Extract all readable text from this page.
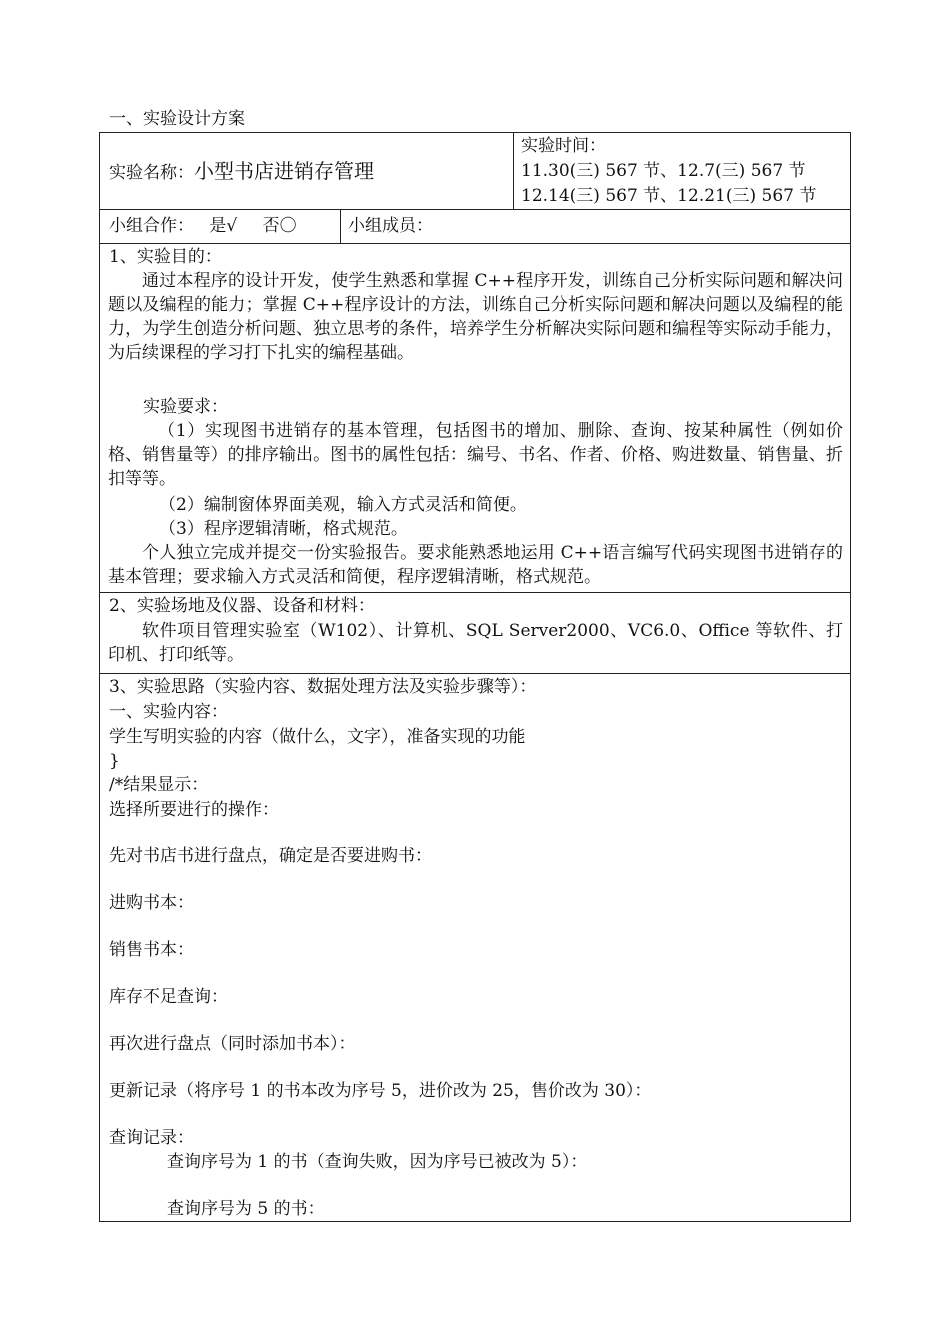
一、实验设计方案
实验名称：小型书店进销存管理
实验时间：
11.30(三) 567 节、12.7(三) 567 节
12.14(三) 567 节、12.21(三) 567 节
小组合作： 是√ 否〇	小组成员：
1、实验目的：
通过本程序的设计开发，使学生熟悉和掌握 C++程序开发，训练自己分析实际问题和解决问题以及编程的能力；掌握 C++程序设计的方法，训练自己分析实际问题和解决问题以及编程的能力，为学生创造分析问题、独立思考的条件，培养学生分析解决实际问题和编程等实际动手能力，为后续课程的学习打下扎实的编程基础。
实验要求：
（1）实现图书进销存的基本管理，包括图书的增加、删除、查询、按某种属性（例如价格、销售量等）的排序输出。图书的属性包括：编号、书名、作者、价格、购进数量、销售量、折扣等等。
（2）编制窗体界面美观，输入方式灵活和简便。
（3）程序逻辑清晰，格式规范。
个人独立完成并提交一份实验报告。要求能熟悉地运用 C++语言编写代码实现图书进销存的基本管理；要求输入方式灵活和简便，程序逻辑清晰，格式规范。
2、实验场地及仪器、设备和材料：
软件项目管理实验室（W102）、计算机、SQL Server2000、VC6.0、Office 等软件、打印机、打印纸等。
3、实验思路（实验内容、数据处理方法及实验步骤等）：
一、实验内容：
学生写明实验的内容（做什么，文字），准备实现的功能
}
/*结果显示：
选择所要进行的操作：
先对书店书进行盘点，确定是否要进购书：
进购书本：
销售书本：
库存不足查询：
再次进行盘点（同时添加书本）：
更新记录（将序号 1 的书本改为序号 5，进价改为 25，售价改为 30）：
查询记录：
查询序号为 1 的书（查询失败，因为序号已被改为 5）：
查询序号为 5 的书：
